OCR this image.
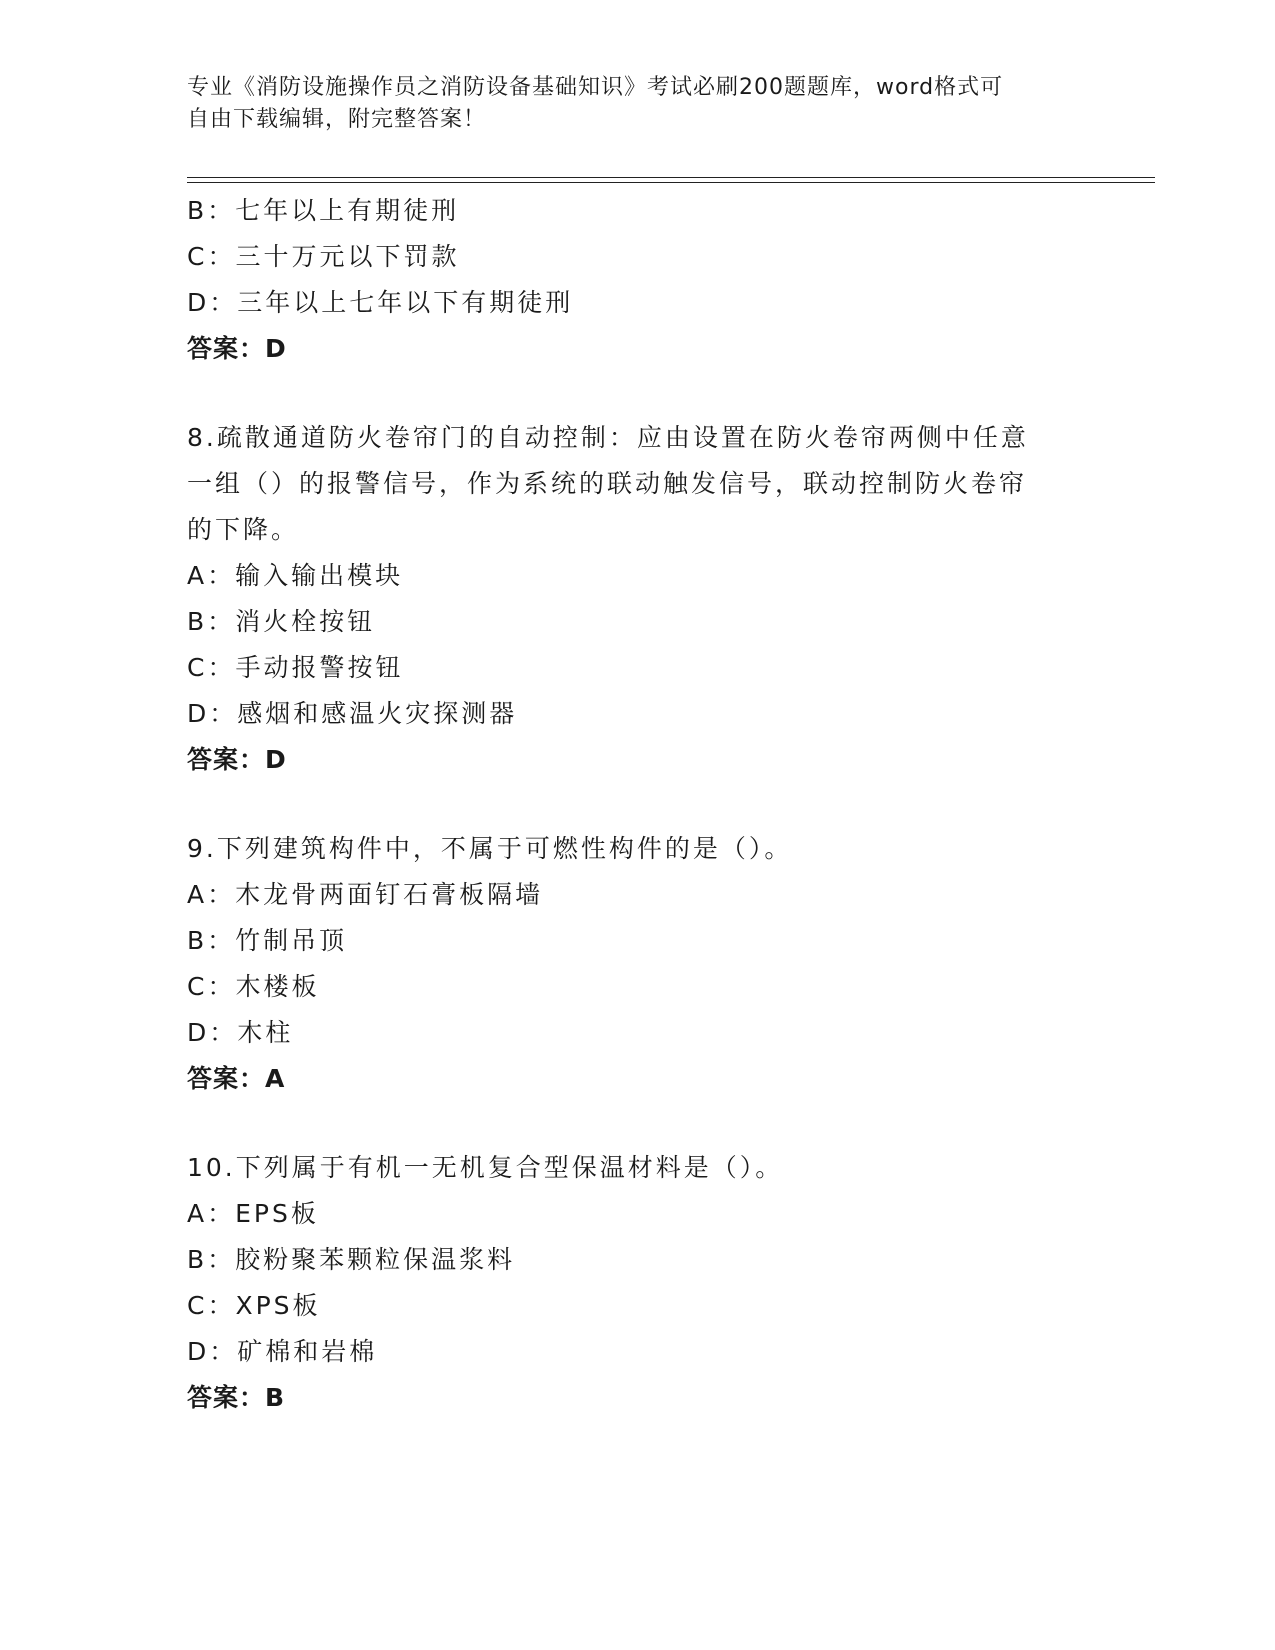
专业《消防设施操作员之消防设备基础知识》考试必刷200题题库，word格式可
自由下载编辑，附完整答案！

B：七年以上有期徒刑

C：三十万元以下罚款

D：三年以上七年以下有期徒刑

答案：D

8.疏散通道防火卷帘门的自动控制：应由设置在防火卷帘两侧中任意

一组（）的报警信号，作为系统的联动触发信号，联动控制防火卷帘

的下降。

A：输入输出模块

B：消火栓按钮

C：手动报警按钮

D：感烟和感温火灾探测器

答案：D

9.下列建筑构件中，不属于可燃性构件的是（）。

A：木龙骨两面钉石膏板隔墙

B：竹制吊顶

C：木楼板

D：木柱

答案：A

10.下列属于有机一无机复合型保温材料是（）。

A：EPS板

B：胶粉聚苯颗粒保温浆料

C：XPS板

D：矿棉和岩棉

答案：B
